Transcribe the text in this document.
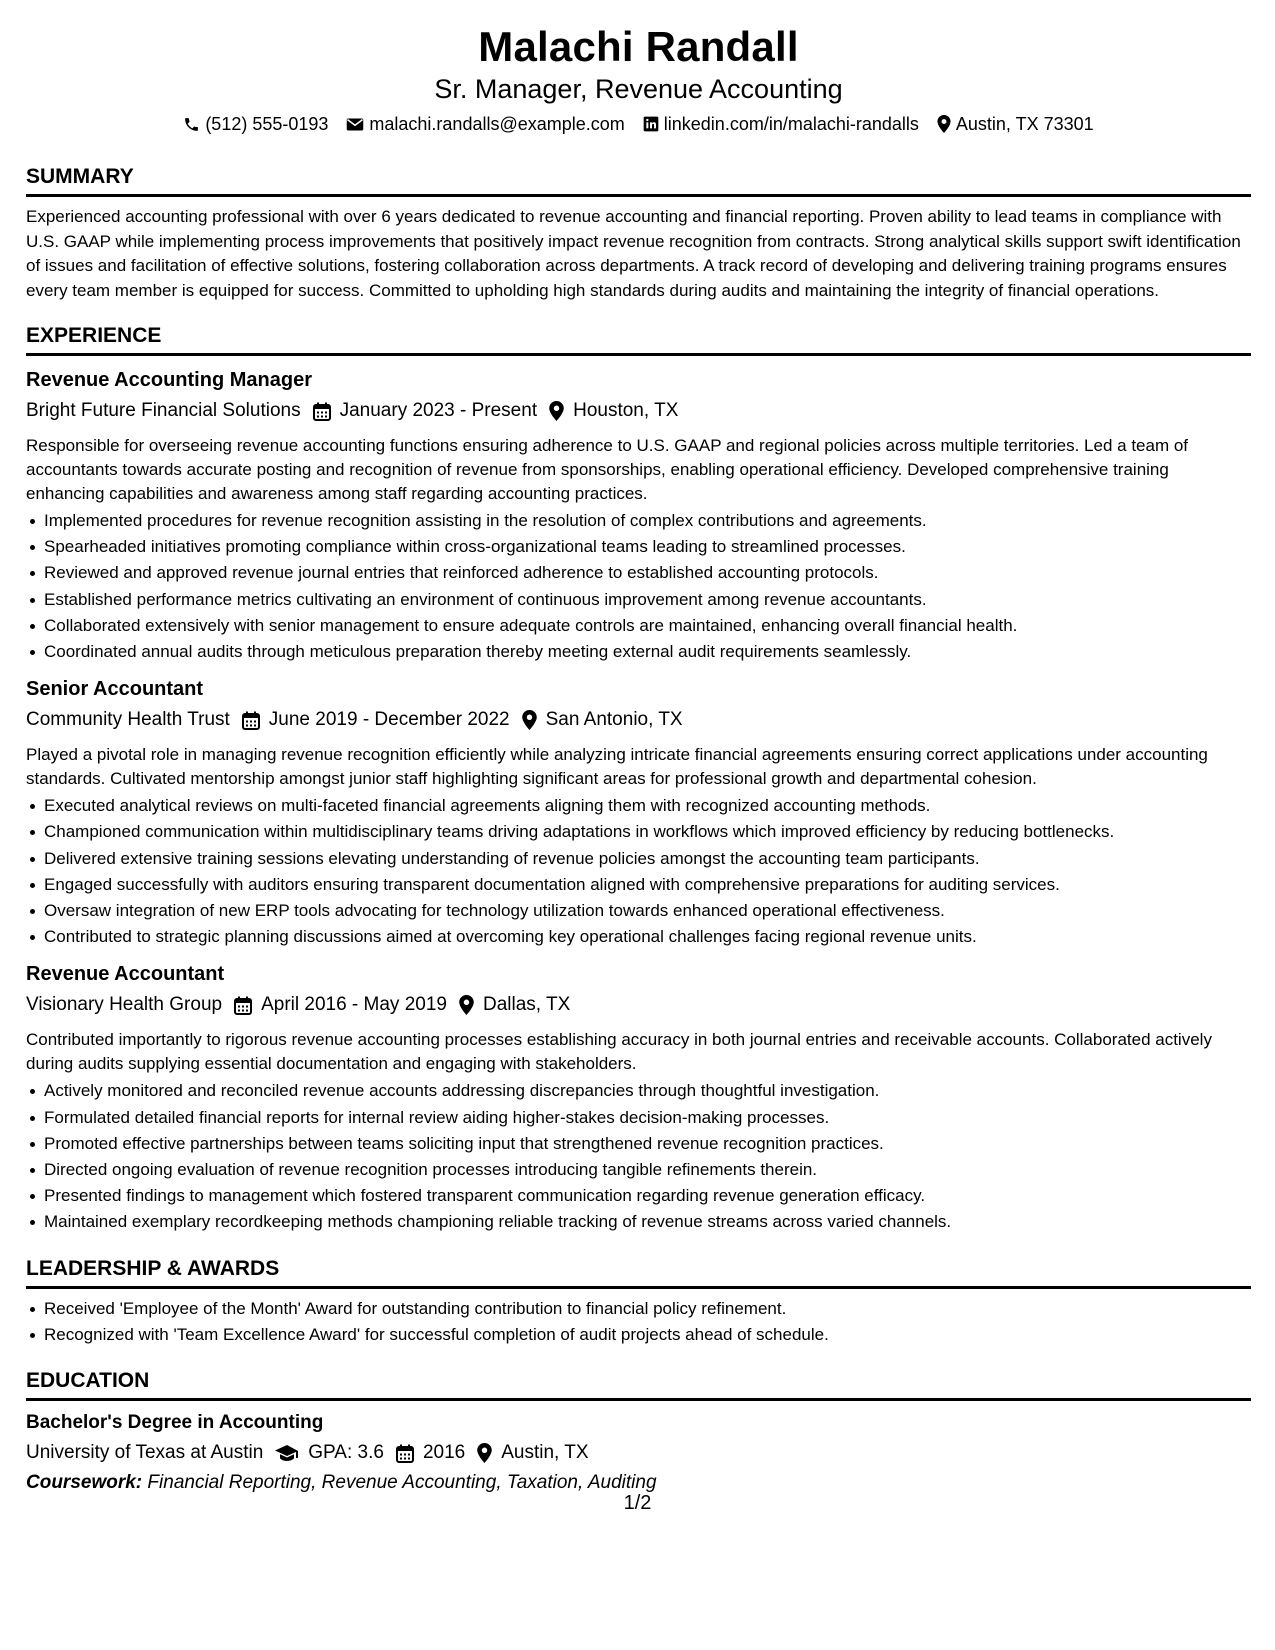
Malachi Randall
Sr. Manager, Revenue Accounting
(512) 555-0193 malachi.randalls@example.com linkedin.com/in/malachi-randalls Austin, TX 73301
SUMMARY
Experienced accounting professional with over 6 years dedicated to revenue accounting and financial reporting. Proven ability to lead teams in compliance with U.S. GAAP while implementing process improvements that positively impact revenue recognition from contracts. Strong analytical skills support swift identification of issues and facilitation of effective solutions, fostering collaboration across departments. A track record of developing and delivering training programs ensures every team member is equipped for success. Committed to upholding high standards during audits and maintaining the integrity of financial operations.
EXPERIENCE
Revenue Accounting Manager
Bright Future Financial Solutions January 2023 - Present Houston, TX
Responsible for overseeing revenue accounting functions ensuring adherence to U.S. GAAP and regional policies across multiple territories. Led a team of accountants towards accurate posting and recognition of revenue from sponsorships, enabling operational efficiency. Developed comprehensive training enhancing capabilities and awareness among staff regarding accounting practices.
Implemented procedures for revenue recognition assisting in the resolution of complex contributions and agreements.
Spearheaded initiatives promoting compliance within cross-organizational teams leading to streamlined processes.
Reviewed and approved revenue journal entries that reinforced adherence to established accounting protocols.
Established performance metrics cultivating an environment of continuous improvement among revenue accountants.
Collaborated extensively with senior management to ensure adequate controls are maintained, enhancing overall financial health.
Coordinated annual audits through meticulous preparation thereby meeting external audit requirements seamlessly.
Senior Accountant
Community Health Trust June 2019 - December 2022 San Antonio, TX
Played a pivotal role in managing revenue recognition efficiently while analyzing intricate financial agreements ensuring correct applications under accounting standards. Cultivated mentorship amongst junior staff highlighting significant areas for professional growth and departmental cohesion.
Executed analytical reviews on multi-faceted financial agreements aligning them with recognized accounting methods.
Championed communication within multidisciplinary teams driving adaptations in workflows which improved efficiency by reducing bottlenecks.
Delivered extensive training sessions elevating understanding of revenue policies amongst the accounting team participants.
Engaged successfully with auditors ensuring transparent documentation aligned with comprehensive preparations for auditing services.
Oversaw integration of new ERP tools advocating for technology utilization towards enhanced operational effectiveness.
Contributed to strategic planning discussions aimed at overcoming key operational challenges facing regional revenue units.
Revenue Accountant
Visionary Health Group April 2016 - May 2019 Dallas, TX
Contributed importantly to rigorous revenue accounting processes establishing accuracy in both journal entries and receivable accounts. Collaborated actively during audits supplying essential documentation and engaging with stakeholders.
Actively monitored and reconciled revenue accounts addressing discrepancies through thoughtful investigation.
Formulated detailed financial reports for internal review aiding higher-stakes decision-making processes.
Promoted effective partnerships between teams soliciting input that strengthened revenue recognition practices.
Directed ongoing evaluation of revenue recognition processes introducing tangible refinements therein.
Presented findings to management which fostered transparent communication regarding revenue generation efficacy.
Maintained exemplary recordkeeping methods championing reliable tracking of revenue streams across varied channels.
LEADERSHIP & AWARDS
Received 'Employee of the Month' Award for outstanding contribution to financial policy refinement.
Recognized with 'Team Excellence Award' for successful completion of audit projects ahead of schedule.
EDUCATION
Bachelor's Degree in Accounting
University of Texas at Austin GPA: 3.6 2016 Austin, TX
Coursework: Financial Reporting, Revenue Accounting, Taxation, Auditing
1/2
